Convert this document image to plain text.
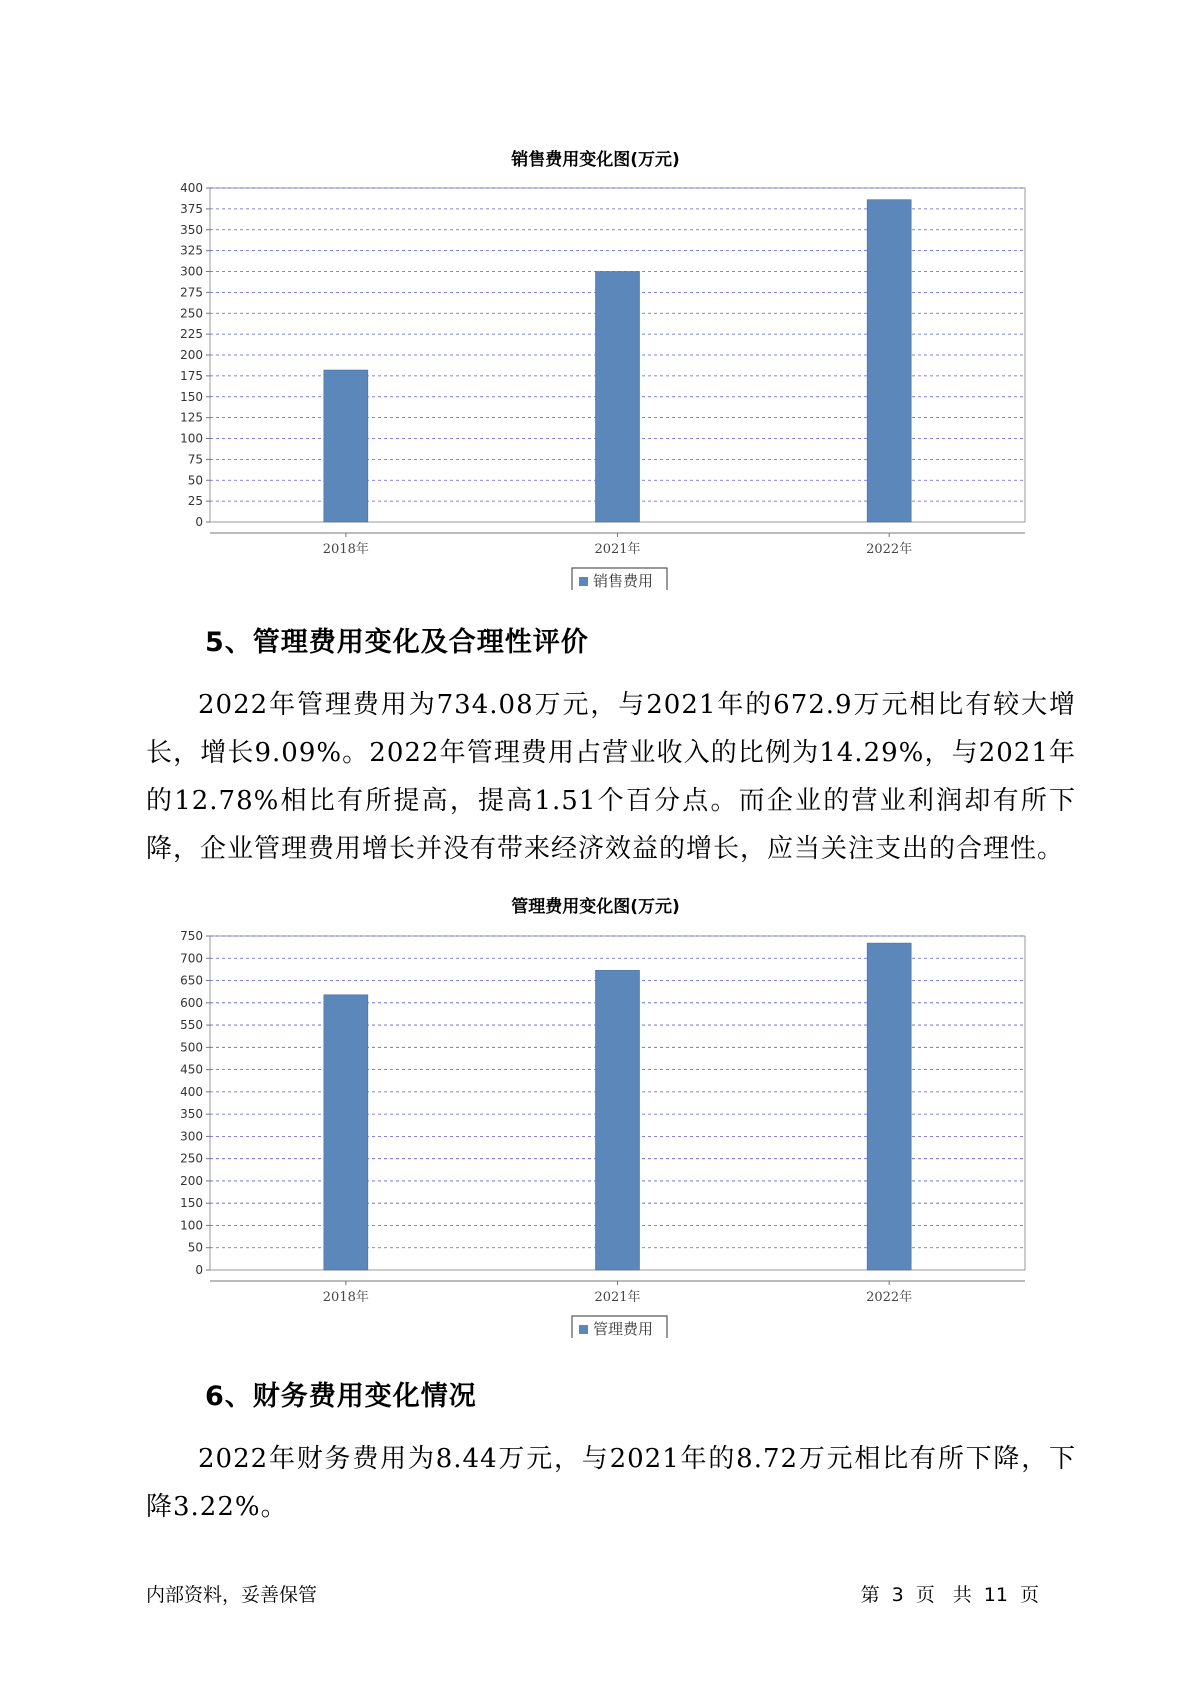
销售费用变化图(万元)
0
25
50
75
100
125
150
175
200
225
250
275
300
325
350
375
400
2018年	2021年	2022年
销售费用
5、管理费用变化及合理性评价

2022年管理费用为734.08万元，与2021年的672.9万元相比有较大增长，增长9.09%。2022年管理费用占营业收入的比例为14.29%，与2021年的12.78%相比有所提高，提高1.51个百分点。而企业的营业利润却有所下降，企业管理费用增长并没有带来经济效益的增长，应当关注支出的合理性。

管理费用变化图(万元)
0
50
100
150
200
250
300
350
400
450
500
550
600
650
700
750
2018年	2021年	2022年
管理费用
6、财务费用变化情况

2022年财务费用为8.44万元，与2021年的8.72万元相比有所下降，下降3.22%。

内部资料，妥善保管	第 3 页 共 11 页
